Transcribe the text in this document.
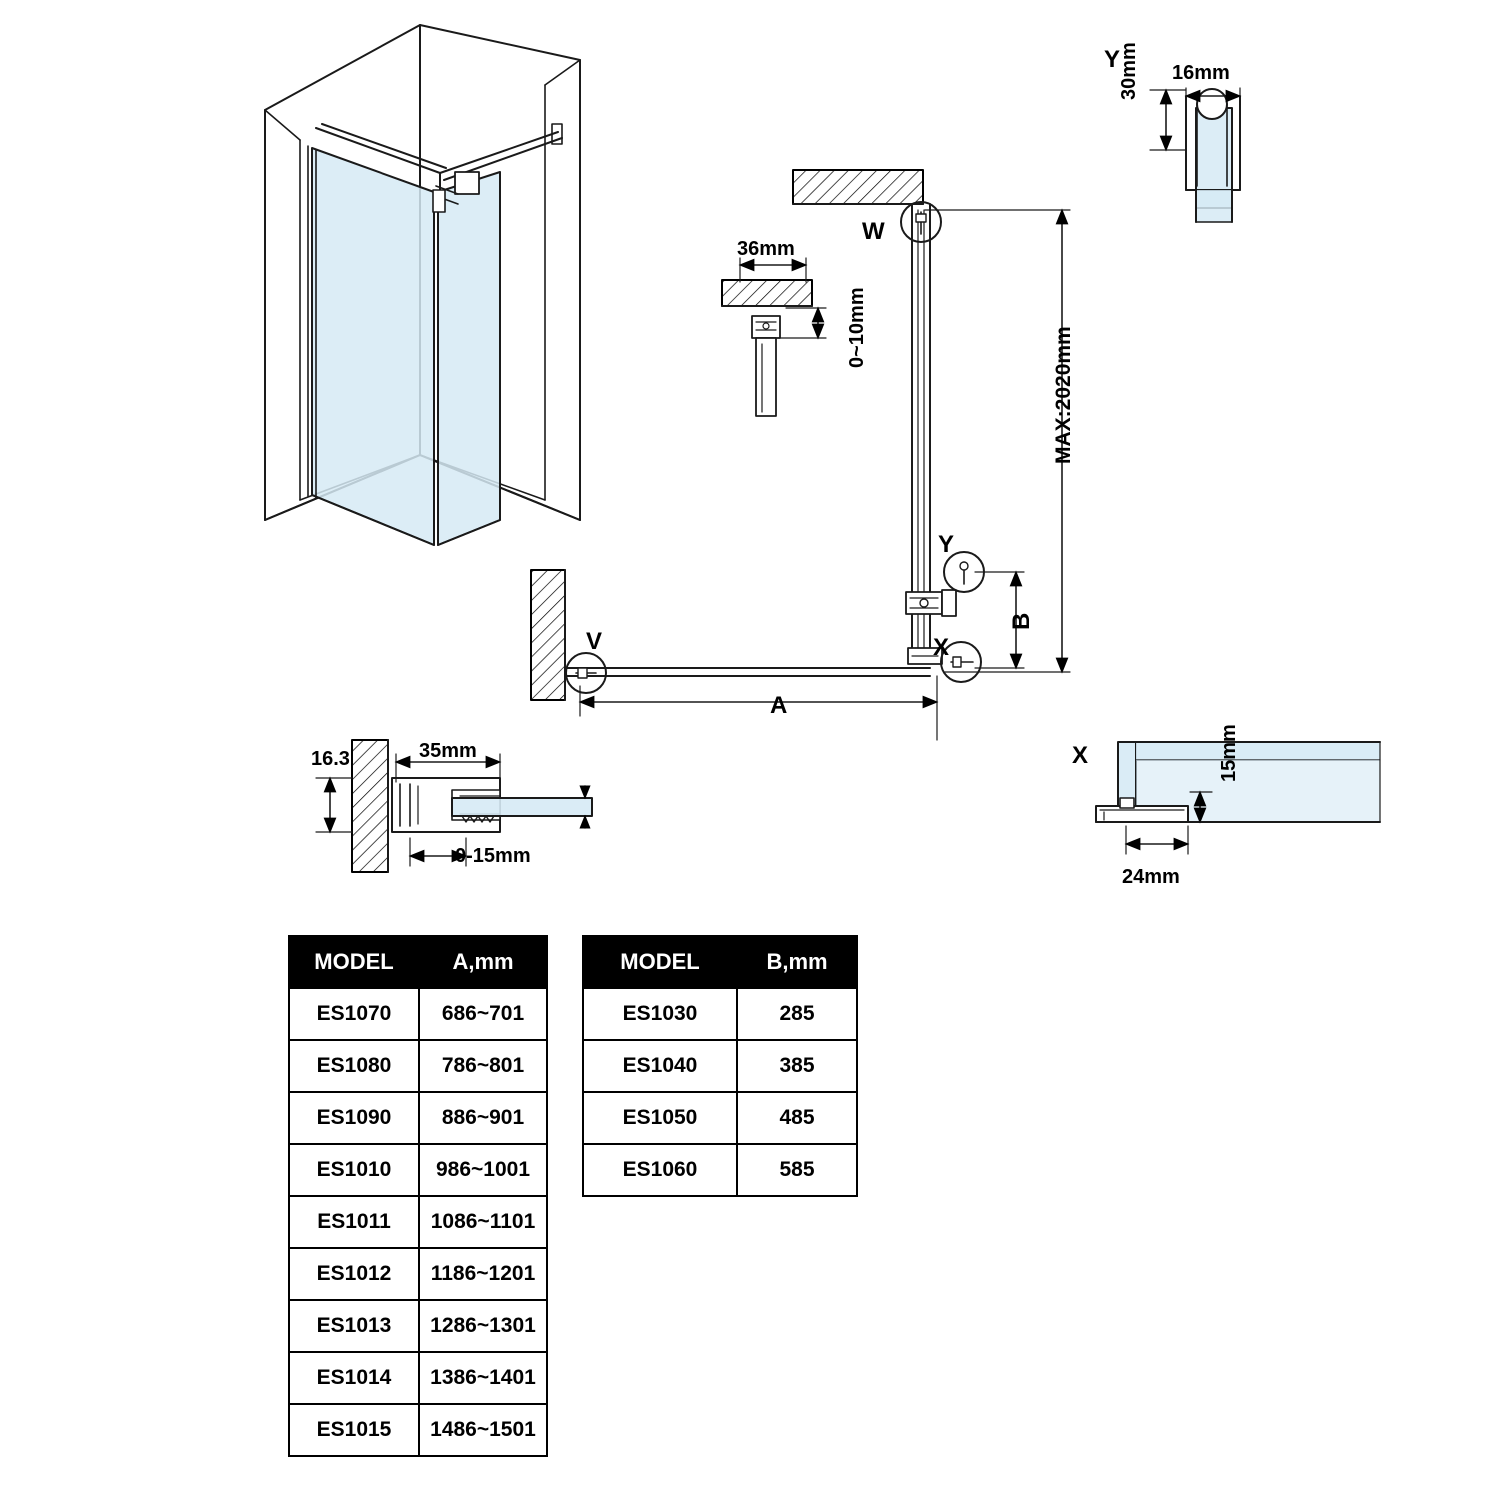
W
Y
X
V
Y
X
36mm
0~10mm	MAX:2020mm
A
B
35mm
16.3
0-15mm
16mm
30mm
24mm
15mm
MODEL	A,mm
ES1070	686~701
ES1080	786~801
ES1090	886~901
ES1010	986~1001
ES1011	1086~1101
ES1012	1186~1201
ES1013	1286~1301
ES1014	1386~1401
ES1015	1486~1501
MODEL	B,mm
ES1030	285
ES1040	385
ES1050	485
ES1060	585
